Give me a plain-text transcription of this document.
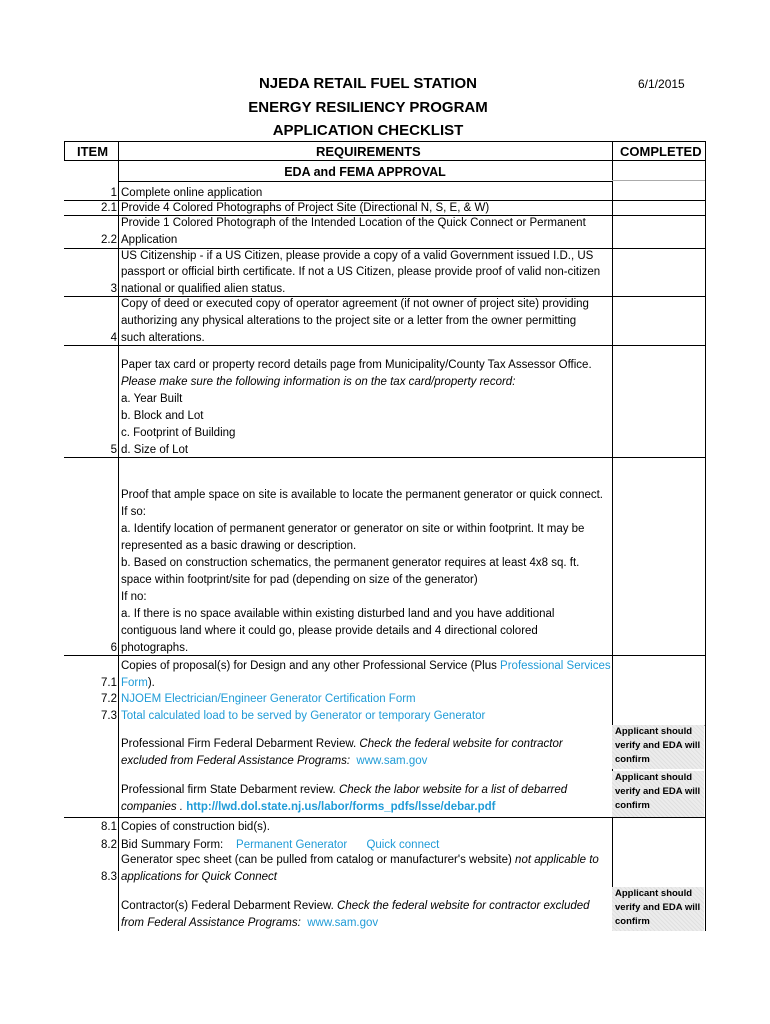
NJEDA RETAIL FUEL STATION
ENERGY RESILIENCY PROGRAM
APPLICATION CHECKLIST
6/1/2015
ITEM	REQUIREMENTS	COMPLETED
EDA and FEMA APPROVAL
1 Complete online application
2.1 Provide 4 Colored Photographs of Project Site (Directional N, S, E, & W)
Provide 1 Colored Photograph of the Intended Location of the Quick Connect or Permanent
2.2 Application
US Citizenship - if a US Citizen, please provide a copy of a valid Government issued I.D., US
passport or official birth certificate. If not a US Citizen, please provide proof of valid non-citizen
3 national or qualified alien status.
Copy of deed or executed copy of operator agreement (if not owner of project site) providing
authorizing any physical alterations to the project site or a letter from the owner permitting
4 such alterations.
Paper tax card or property record details page from Municipality/County Tax Assessor Office.
Please make sure the following information is on the tax card/property record:
a. Year Built
b. Block and Lot
c. Footprint of Building
5 d. Size of Lot
Proof that ample space on site is available to locate the permanent generator or quick connect.
If so:
a. Identify location of permanent generator or generator on site or within footprint. It may be
represented as a basic drawing or description.
b. Based on construction schematics, the permanent generator requires at least 4x8 sq. ft.
space within footprint/site for pad (depending on size of the generator)
If no:
a. If there is no space available within existing disturbed land and you have additional
contiguous land where it could go, please provide details and 4 directional colored
6 photographs.
Copies of proposal(s) for Design and any other Professional Service (Plus Professional Services
7.1 Form).
7.2 NJOEM Electrician/Engineer Generator Certification Form
7.3 Total calculated load to be served by Generator or temporary Generator
Professional Firm Federal Debarment Review. Check the federal website for contractor
excluded from Federal Assistance Programs: www.sam.gov
Professional firm State Debarment review. Check the labor website for a list of debarred
companies . http://lwd.dol.state.nj.us/labor/forms_pdfs/lsse/debar.pdf
8.1 Copies of construction bid(s).
8.2 Bid Summary Form: Permanent Generator Quick connect
Generator spec sheet (can be pulled from catalog or manufacturer's website) not applicable to
8.3 applications for Quick Connect
Contractor(s) Federal Debarment Review. Check the federal website for contractor excluded
from Federal Assistance Programs: www.sam.gov
Applicant should
verify and EDA will
confirm
Applicant should
verify and EDA will
confirm
Applicant should
verify and EDA will
confirm
